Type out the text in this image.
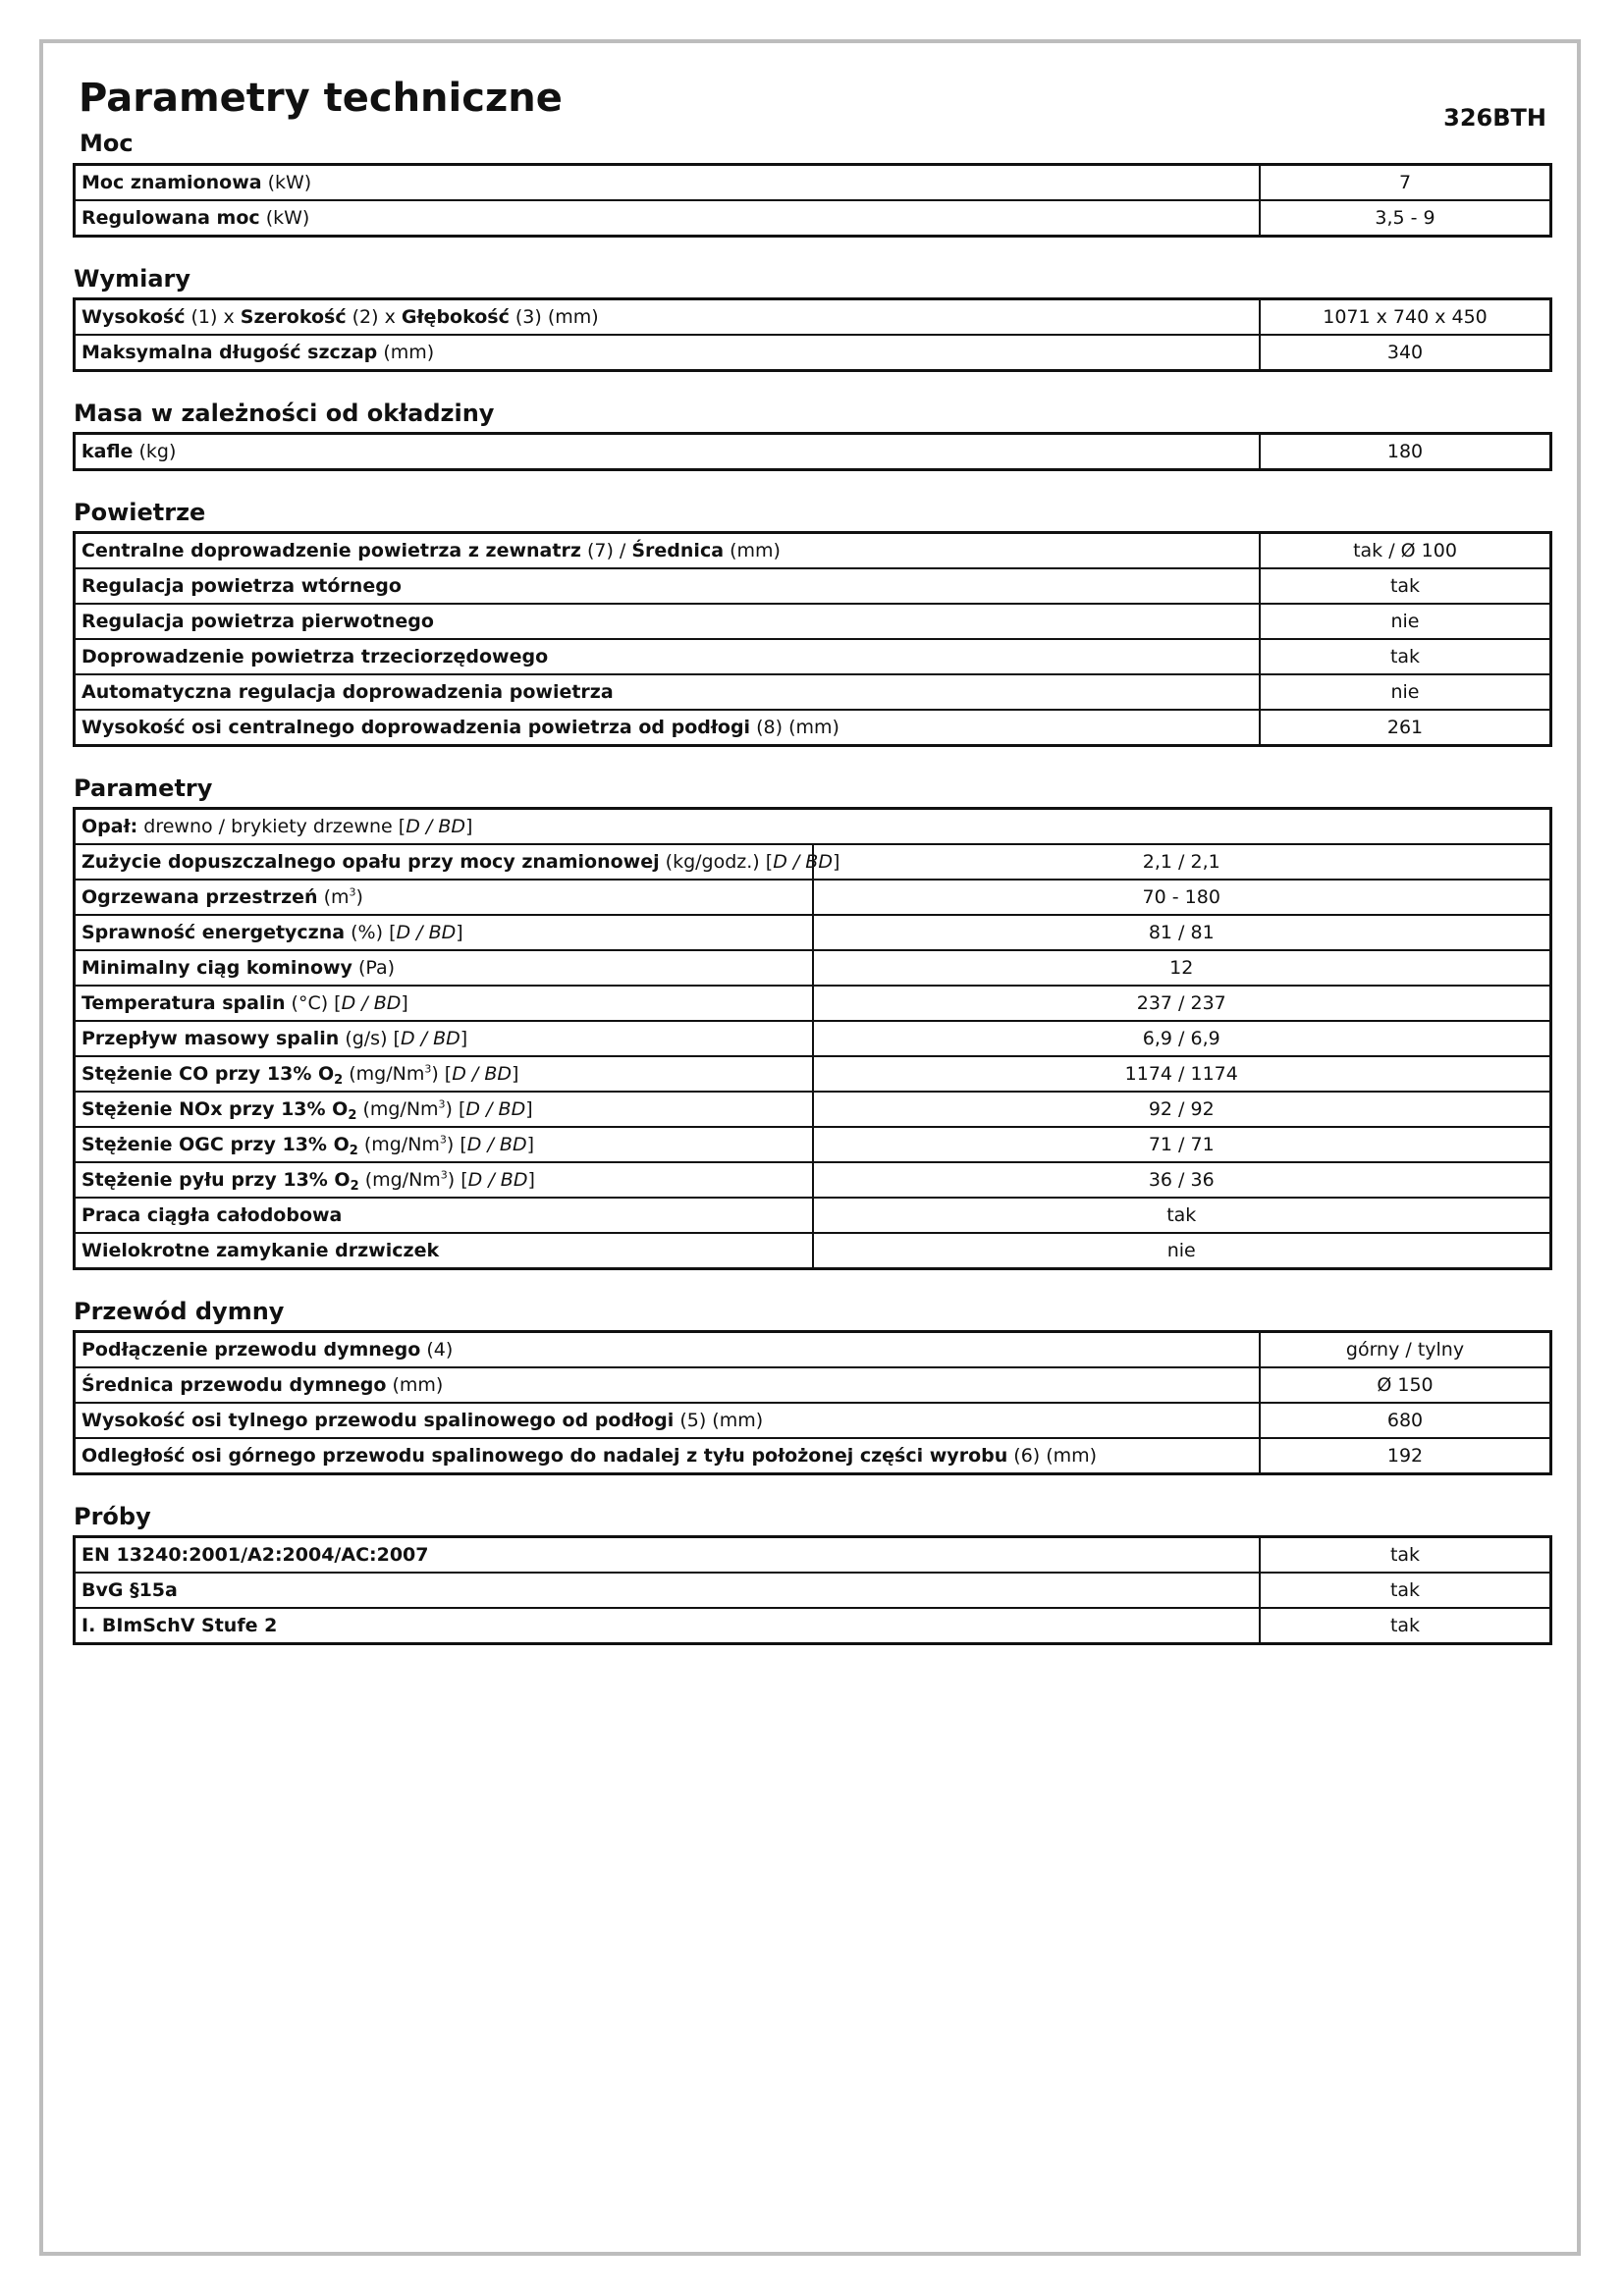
Parametry techniczne	326BTH
Moc
Moc znamionowa (kW)	7
Regulowana moc (kW)	3,5 - 9
Wymiary
Wysokość (1) x Szerokość (2) x Głębokość (3) (mm)	1071 x 740 x 450
Maksymalna długość szczap (mm)	340
Masa w zależności od okładziny
kafle (kg)	180
Powietrze
Centralne doprowadzenie powietrza z zewnatrz (7) / Średnica (mm)	tak / Ø 100
Regulacja powietrza wtórnego	tak
Regulacja powietrza pierwotnego	nie
Doprowadzenie powietrza trzeciorzędowego	tak
Automatyczna regulacja doprowadzenia powietrza	nie
Wysokość osi centralnego doprowadzenia powietrza od podłogi (8) (mm)	261
Parametry
Opał: drewno / brykiety drzewne [D / BD]	
Zużycie dopuszczalnego opału przy mocy znamionowej (kg/godz.) [D / BD]	2,1 / 2,1
Ogrzewana przestrzeń $(m^3)$	70 - 180
Sprawność energetyczna (%) [D / BD]	81 / 81
Minimalny ciąg kominowy (Pa)	12
Temperatura spalin (°C) [D / BD]	237 / 237
Przepływ masowy spalin (g/s) [D / BD]	6,9 / 6,9
Stężenie CO przy 13% $O_2$ (mg/Nm$^3$) [D / BD]	1174 / 1174
Stężenie NOx przy 13% $O_2$ (mg/Nm$^3$) [D / BD]	92 / 92
Stężenie OGC przy 13% $O_2$ (mg/Nm$^3$) [D / BD]	71 / 71
Stężenie pyłu przy 13% $O_2$ (mg/Nm$^3$) [D / BD]	36 / 36
Praca ciągła całodobowa	tak
Wielokrotne zamykanie drzwiczek	nie
Przewód dymny
Podłączenie przewodu dymnego (4)	górny / tylny
Średnica przewodu dymnego (mm)	Ø 150
Wysokość osi tylnego przewodu spalinowego od podłogi (5) (mm)	680
Odległość osi górnego przewodu spalinowego do nadalej z tyłu położonej części wyrobu (6) (mm)	192
Próby
EN 13240:2001/A2:2004/AC:2007	tak
BvG §15a	tak
I. BImSchV Stufe 2	tak
